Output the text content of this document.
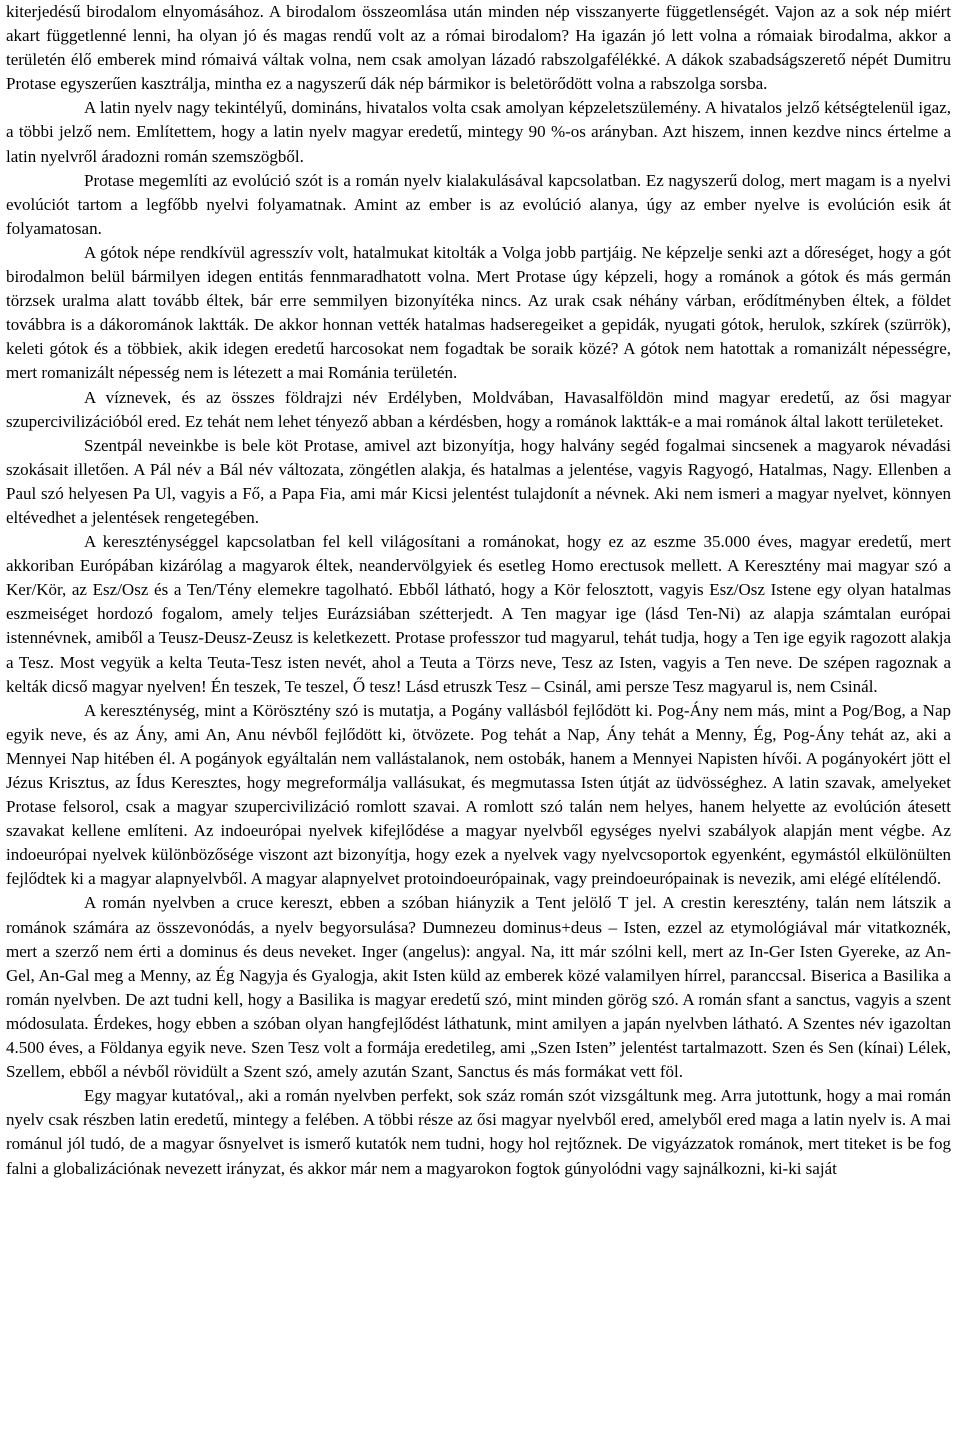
kiterjedésű birodalom elnyomásához. A birodalom összeomlása után minden nép visszanyerte függetlenségét. Vajon az a sok nép miért akart függetlenné lenni, ha olyan jó és magas rendű volt az a római birodalom? Ha igazán jó lett volna a rómaiak birodalma, akkor a területén élő emberek mind rómaivá váltak volna, nem csak amolyan lázadó rabszolgafélékké. A dákok szabadságszerető népét Dumitru Protase egyszerűen kasztrálja, mintha ez a nagyszerű dák nép bármikor is beletörődött volna a rabszolga sorsba.

A latin nyelv nagy tekintélyű, domináns, hivatalos volta csak amolyan képzeletszülemény. A hivatalos jelző kétségtelenül igaz, a többi jelző nem. Említettem, hogy a latin nyelv magyar eredetű, mintegy 90 %-os arányban. Azt hiszem, innen kezdve nincs értelme a latin nyelvről áradozni román szemszögből.

Protase megemlíti az evolúció szót is a román nyelv kialakulásával kapcsolatban. Ez nagyszerű dolog, mert magam is a nyelvi evolúciót tartom a legfőbb nyelvi folyamatnak. Amint az ember is az evolúció alanya, úgy az ember nyelve is evolúción esik át folyamatosan.

A gótok népe rendkívül agresszív volt, hatalmukat kitolták a Volga jobb partjáig. Ne képzelje senki azt a dőreséget, hogy a gót birodalmon belül bármilyen idegen entitás fennmaradhatott volna. Mert Protase úgy képzeli, hogy a románok a gótok és más germán törzsek uralma alatt tovább éltek, bár erre semmilyen bizonyítéka nincs. Az urak csak néhány várban, erődítményben éltek, a földet továbbra is a dákorománok laktták. De akkor honnan vették hatalmas hadseregeiket a gepidák, nyugati gótok, herulok, szkírek (szürrök), keleti gótok és a többiek, akik idegen eredetű harcosokat nem fogadtak be soraik közé? A gótok nem hatottak a romanizált népességre, mert romanizált népesség nem is létezett a mai Románia területén.

A víznevek, és az összes földrajzi név Erdélyben, Moldvában, Havasalföldön mind magyar eredetű, az ősi magyar szupercivilizációból ered. Ez tehát nem lehet tényező abban a kérdésben, hogy a románok laktták-e a mai románok által lakott területeket.

Szentpál neveinkbe is bele köt Protase, amivel azt bizonyítja, hogy halvány segéd fogalmai sincsenek a magyarok névadási szokásait illetően. A Pál név a Bál név változata, zöngétlen alakja, és hatalmas a jelentése, vagyis Ragyogó, Hatalmas, Nagy. Ellenben a Paul szó helyesen Pa Ul, vagyis a Fő, a Papa Fia, ami már Kicsi jelentést tulajdonít a névnek. Aki nem ismeri a magyar nyelvet, könnyen eltévedhet a jelentések rengetegében.

A kereszténységgel kapcsolatban fel kell világosítani a románokat, hogy ez az eszme 35.000 éves, magyar eredetű, mert akkoriban Európában kizárólag a magyarok éltek, neandervölgyiek és esetleg Homo erectusok mellett. A Keresztény mai magyar szó a Ker/Kör, az Esz/Osz és a Ten/Tény elemekre tagolható. Ebből látható, hogy a Kör felosztott, vagyis Esz/Osz Istene egy olyan hatalmas eszmeiséget hordozó fogalom, amely teljes Eurázsiában szétterjedt. A Ten magyar ige (lásd Ten-Ni) az alapja számtalan európai istennévnek, amiből a Teusz-Deusz-Zeusz is keletkezett. Protase professzor tud magyarul, tehát tudja, hogy a Ten ige egyik ragozott alakja a Tesz. Most vegyük a kelta Teuta-Tesz isten nevét, ahol a Teuta a Törzs neve, Tesz az Isten, vagyis a Ten neve. De szépen ragoznak a kelták dicső magyar nyelven! Én teszek, Te teszel, Ő tesz! Lásd etruszk Tesz – Csinál, ami persze Tesz magyarul is, nem Csinál.

A kereszténység, mint a Körösztény szó is mutatja, a Pogány vallásból fejlődött ki. Pog-Ány nem más, mint a Pog/Bog, a Nap egyik neve, és az Ány, ami An, Anu névből fejlődött ki, ötvözete. Pog tehát a Nap, Ány tehát a Menny, Ég, Pog-Ány tehát az, aki a Mennyei Nap hitében él. A pogányok egyáltalán nem vallástalanok, nem ostobák, hanem a Mennyei Napisten hívői. A pogányokért jött el Jézus Krisztus, az Ídus Keresztes, hogy megreformálja vallásukat, és megmutassa Isten útját az üdvösséghez. A latin szavak, amelyeket Protase felsorol, csak a magyar szupercivilizáció romlott szavai. A romlott szó talán nem helyes, hanem helyette az evolúción átesett szavakat kellene említeni. Az indoeurópai nyelvek kifejlődése a magyar nyelvből egységes nyelvi szabályok alapján ment végbe. Az indoeurópai nyelvek különbözősége viszont azt bizonyítja, hogy ezek a nyelvek vagy nyelvcsoportok egyenként, egymástól elkülönülten fejlődtek ki a magyar alapnyelvből. A magyar alapnyelvet protoindoeurópainak, vagy preindoeurópainak is nevezik, ami elégé elítélendő.

A román nyelvben a cruce kereszt, ebben a szóban hiányzik a Tent jelölő T jel. A crestin keresztény, talán nem látszik a románok számára az összevonódás, a nyelv begyorsulása? Dumnezeu dominus+deus – Isten, ezzel az etymológiával már vitatkoznék, mert a szerző nem érti a dominus és deus neveket. Inger (angelus): angyal. Na, itt már szólni kell, mert az In-Ger Isten Gyereke, az An-Gel, An-Gal meg a Menny, az Ég Nagyja és Gyalogja, akit Isten küld az emberek közé valamilyen hírrel, paranccsal. Biserica a Basilika a román nyelvben. De azt tudni kell, hogy a Basilika is magyar eredetű szó, mint minden görög szó. A román sfant a sanctus, vagyis a szent módosulata. Érdekes, hogy ebben a szóban olyan hangfejlődést láthatunk, mint amilyen a japán nyelvben látható. A Szentes név igazoltan 4.500 éves, a Földanya egyik neve. Szen Tesz volt a formája eredetileg, ami „Szen Isten” jelentést tartalmazott. Szen és Sen (kínai) Lélek, Szellem, ebből a névből rövidült a Szent szó, amely azután Szant, Sanctus és más formákat vett föl.

Egy magyar kutatóval,, aki a román nyelvben perfekt, sok száz román szót vizsgáltunk meg. Arra jutottunk, hogy a mai román nyelv csak részben latin eredetű, mintegy a felében. A többi része az ősi magyar nyelvből ered, amelyből ered maga a latin nyelv is. A mai románul jól tudó, de a magyar ősnyelvet is ismerő kutatók nem tudni, hogy hol rejtőznek. De vigyázzatok románok, mert titeket is be fog falni a globalizációnak nevezett irányzat, és akkor már nem a magyarokon fogtok gúnyolódni vagy sajnálkozni, ki-ki saját
